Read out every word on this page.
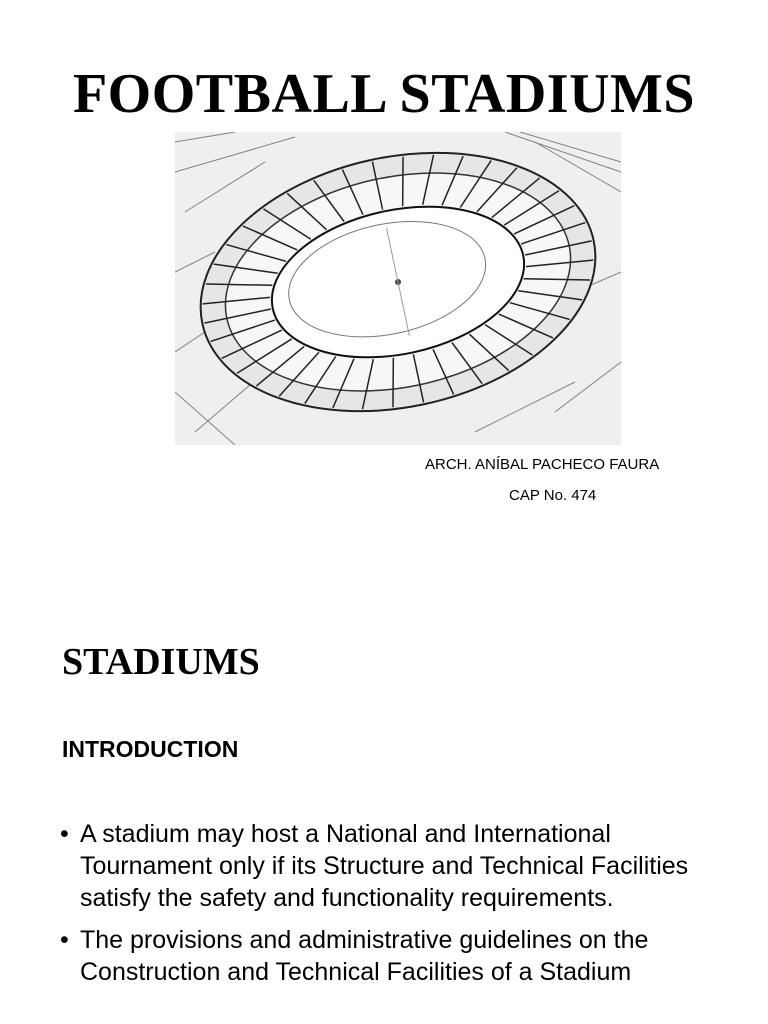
FOOTBALL STADIUMS
ARCH. ANÍBAL PACHECO FAURA
CAP No. 474
STADIUMS
INTRODUCTION
• A stadium may host a National and International Tournament only if its Structure and Technical Facilities satisfy the safety and functionality requirements.
• The provisions and administrative guidelines on the Construction and Technical Facilities of a Stadium
